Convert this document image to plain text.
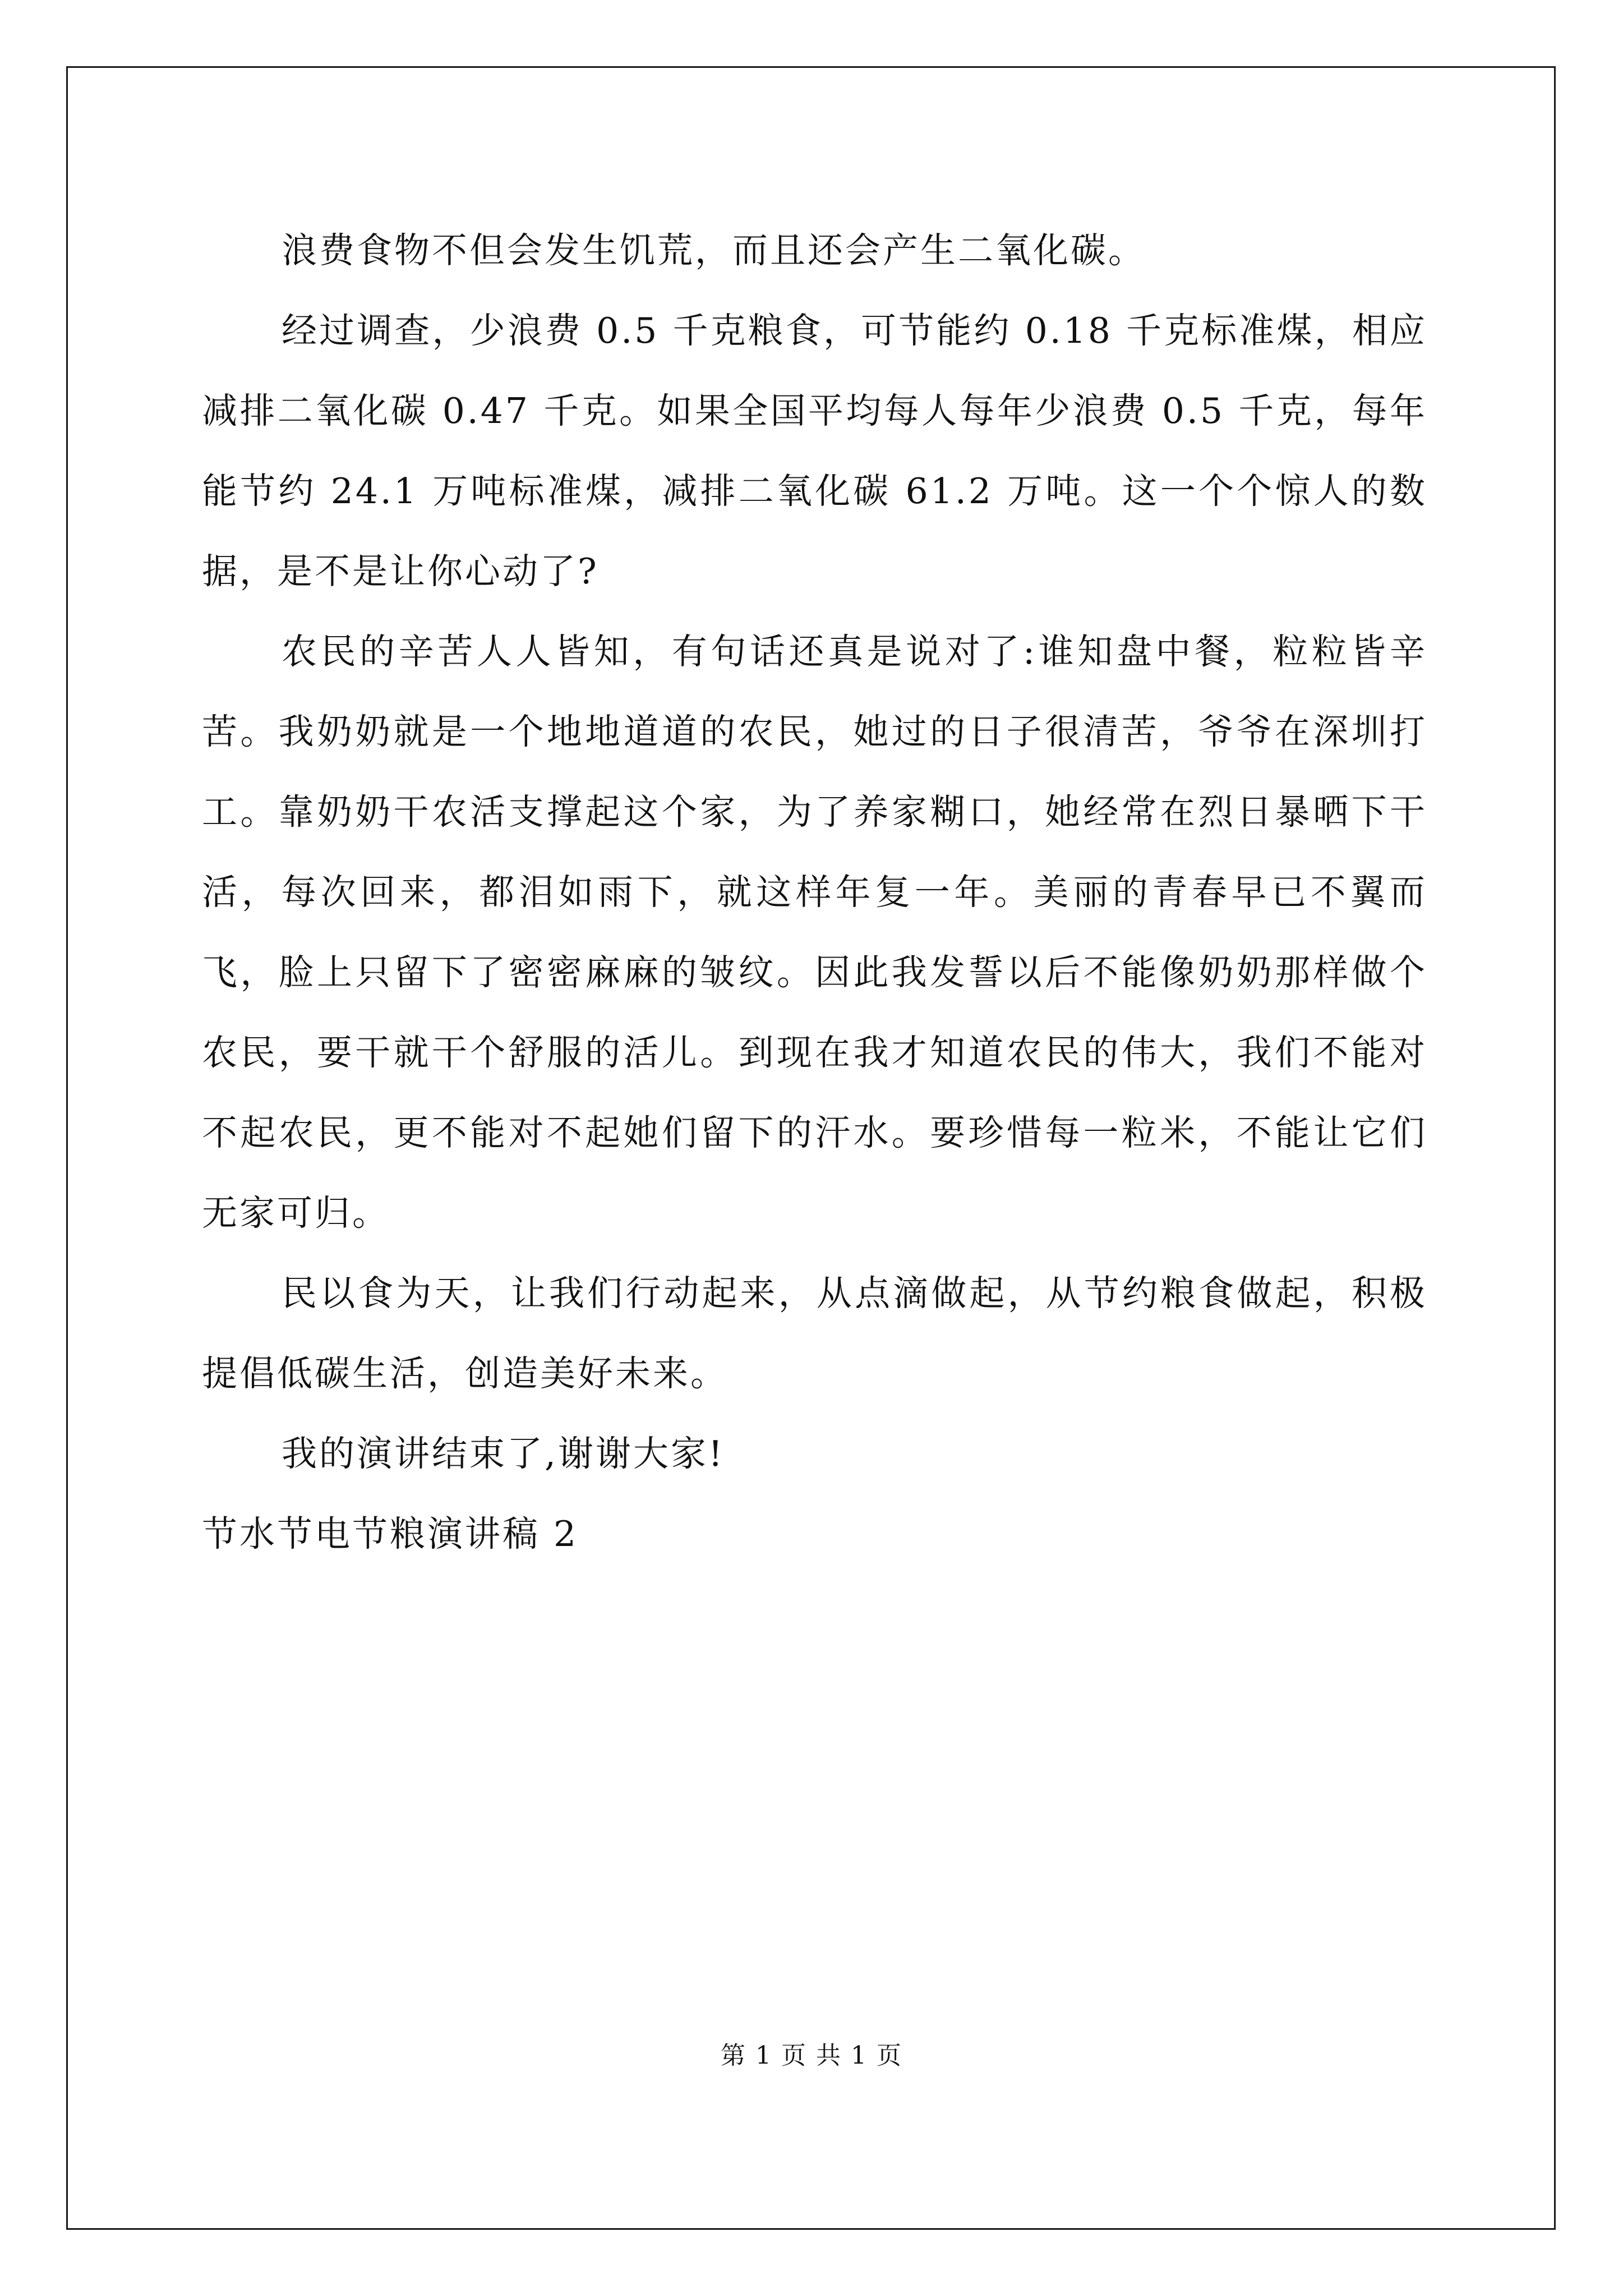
浪费食物不但会发生饥荒，而且还会产生二氧化碳。

经过调查，少浪费 0.5 千克粮食，可节能约 0.18 千克标准煤，相应减排二氧化碳 0.47 千克。如果全国平均每人每年少浪费 0.5 千克，每年能节约 24.1 万吨标准煤，减排二氧化碳 61.2 万吨。这一个个惊人的数据，是不是让你心动了?

农民的辛苦人人皆知，有句话还真是说对了:谁知盘中餐，粒粒皆辛苦。我奶奶就是一个地地道道的农民，她过的日子很清苦，爷爷在深圳打工。靠奶奶干农活支撑起这个家，为了养家糊口，她经常在烈日暴晒下干活，每次回来，都泪如雨下，就这样年复一年。美丽的青春早已不翼而飞，脸上只留下了密密麻麻的皱纹。因此我发誓以后不能像奶奶那样做个农民，要干就干个舒服的活儿。到现在我才知道农民的伟大，我们不能对不起农民，更不能对不起她们留下的汗水。要珍惜每一粒米，不能让它们无家可归。

民以食为天，让我们行动起来，从点滴做起，从节约粮食做起，积极提倡低碳生活，创造美好未来。

我的演讲结束了,谢谢大家!

节水节电节粮演讲稿 2

第 1 页 共 1 页
